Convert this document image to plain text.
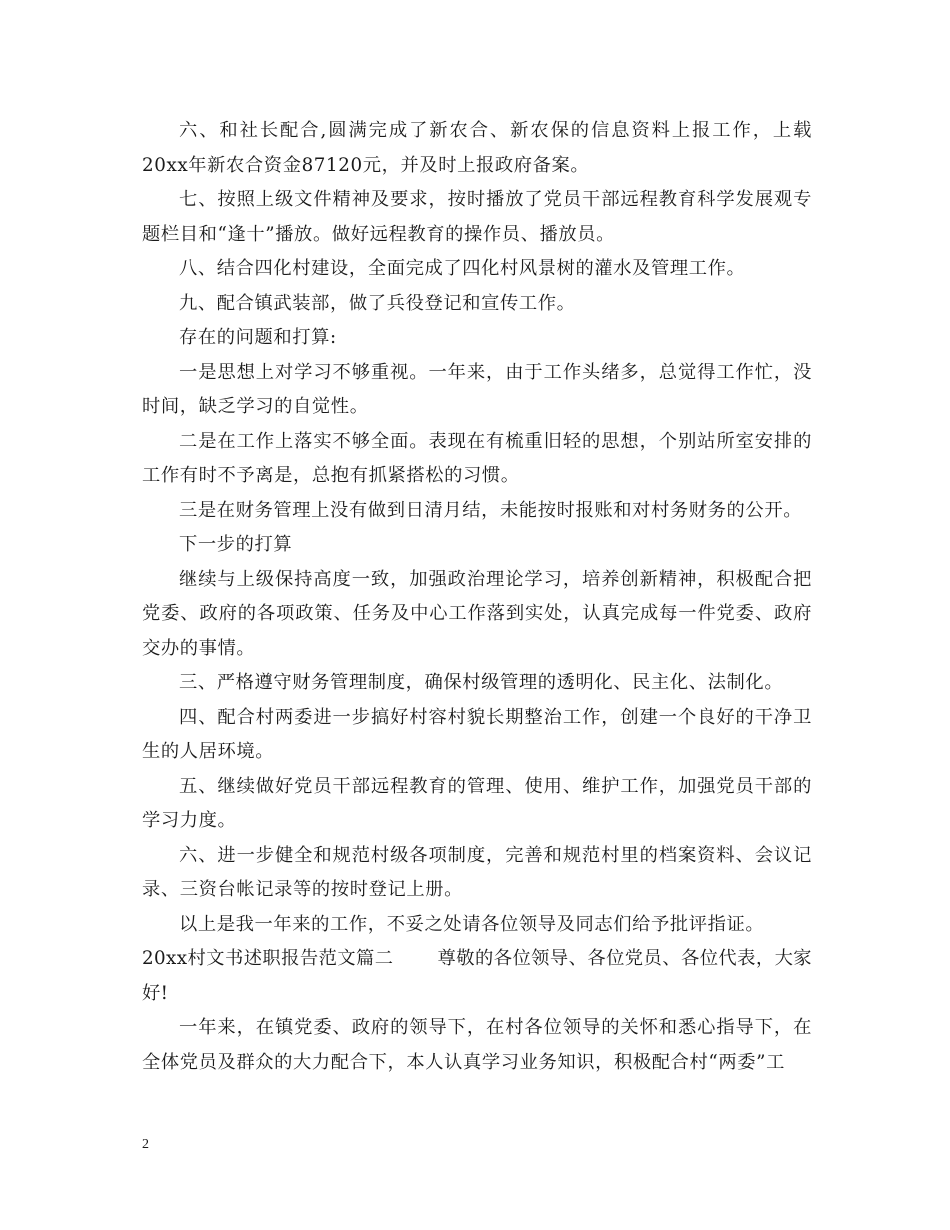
六、和社长配合,圆满完成了新农合、新农保的信息资料上报工作，上载20xx年新农合资金87120元，并及时上报政府备案。

七、按照上级文件精神及要求，按时播放了党员干部远程教育科学发展观专题栏目和“逢十”播放。做好远程教育的操作员、播放员。

八、结合四化村建设，全面完成了四化村风景树的灌水及管理工作。

九、配合镇武装部，做了兵役登记和宣传工作。

存在的问题和打算:

一是思想上对学习不够重视。一年来，由于工作头绪多，总觉得工作忙，没时间，缺乏学习的自觉性。

二是在工作上落实不够全面。表现在有梳重旧轻的思想，个别站所室安排的工作有时不予离是，总抱有抓紧搭松的习惯。

三是在财务管理上没有做到日清月结，未能按时报账和对村务财务的公开。

下一步的打算

继续与上级保持高度一致，加强政治理论学习，培养创新精神，积极配合把党委、政府的各项政策、任务及中心工作落到实处，认真完成每一件党委、政府交办的事情。

三、严格遵守财务管理制度，确保村级管理的透明化、民主化、法制化。

四、配合村两委进一步搞好村容村貌长期整治工作，创建一个良好的干净卫生的人居环境。

五、继续做好党员干部远程教育的管理、使用、维护工作，加强党员干部的学习力度。

六、进一步健全和规范村级各项制度，完善和规范村里的档案资料、会议记录、三资台帐记录等的按时登记上册。

以上是我一年来的工作，不妥之处请各位领导及同志们给予批评指证。

20xx村文书述职报告范文篇二 尊敬的各位领导、各位党员、各位代表，大家好!

一年来，在镇党委、政府的领导下，在村各位领导的关怀和悉心指导下，在全体党员及群众的大力配合下，本人认真学习业务知识，积极配合村“两委”工

2
